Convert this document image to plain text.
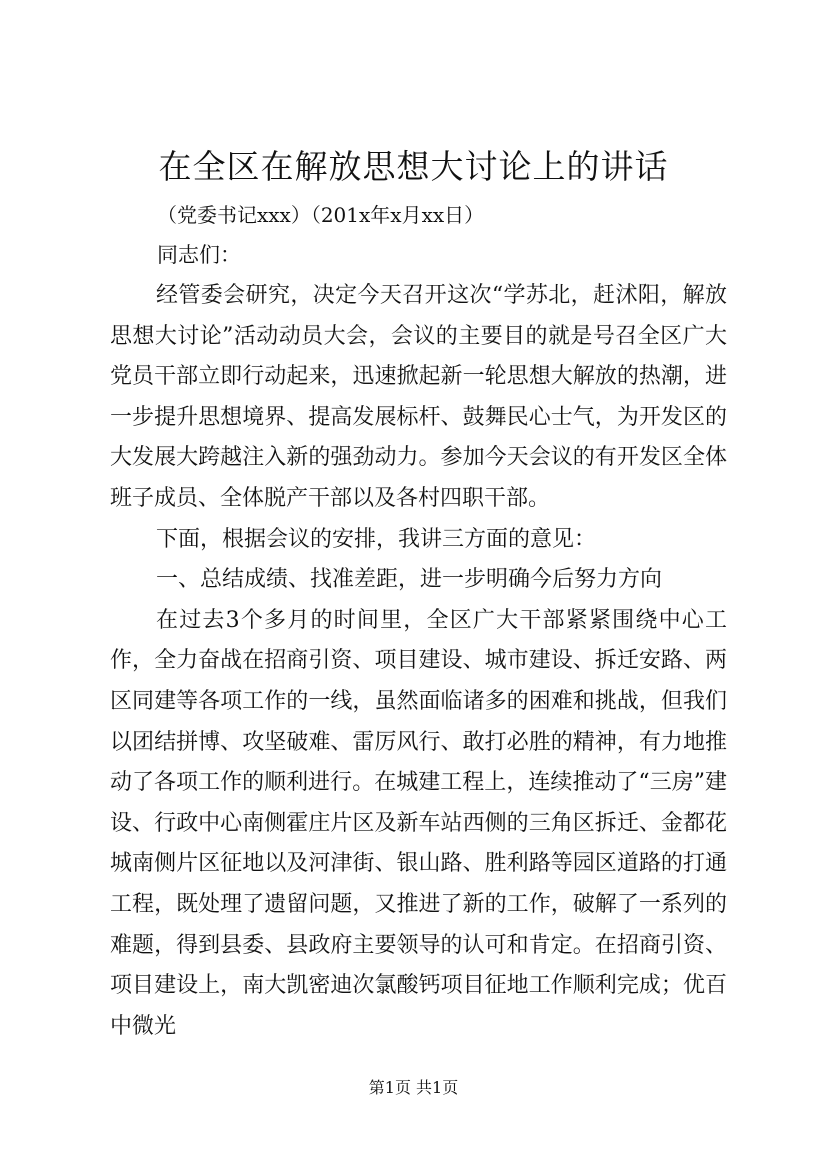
在全区在解放思想大讨论上的讲话
（党委书记xxx）（201x年x月xx日）
同志们：

经管委会研究，决定今天召开这次“学苏北，赶沭阳，解放思想大讨论”活动动员大会，会议的主要目的就是号召全区广大党员干部立即行动起来，迅速掀起新一轮思想大解放的热潮，进一步提升思想境界、提高发展标杆、鼓舞民心士气，为开发区的大发展大跨越注入新的强劲动力。参加今天会议的有开发区全体班子成员、全体脱产干部以及各村四职干部。

下面，根据会议的安排，我讲三方面的意见：

一、总结成绩、找准差距，进一步明确今后努力方向

在过去3个多月的时间里，全区广大干部紧紧围绕中心工作，全力奋战在招商引资、项目建设、城市建设、拆迁安路、两区同建等各项工作的一线，虽然面临诸多的困难和挑战，但我们以团结拼博、攻坚破难、雷厉风行、敢打必胜的精神，有力地推动了各项工作的顺利进行。在城建工程上，连续推动了“三房”建设、行政中心南侧霍庄片区及新车站西侧的三角区拆迁、金都花城南侧片区征地以及河津街、银山路、胜利路等园区道路的打通工程，既处理了遗留问题，又推进了新的工作，破解了一系列的难题，得到县委、县政府主要领导的认可和肯定。在招商引资、项目建设上，南大凯密迪次氯酸钙项目征地工作顺利完成；优百中微光

第1页 共1页
